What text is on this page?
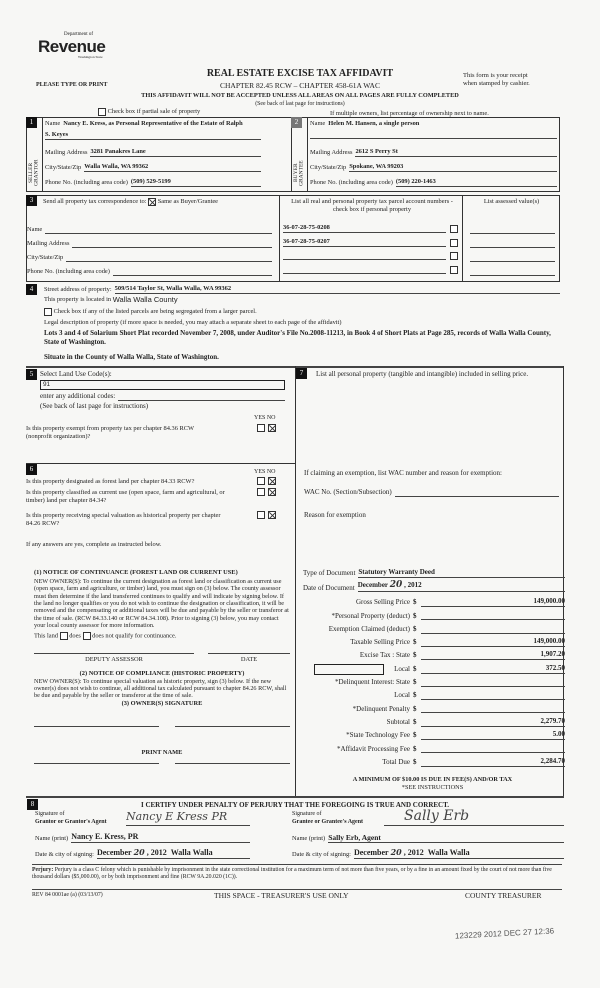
Department of
Revenue
Washington State
PLEASE TYPE OR PRINT
REAL ESTATE EXCISE TAX AFFIDAVIT
CHAPTER 82.45 RCW – CHAPTER 458-61A WAC
This form is your receipt
when stamped by cashier.
THIS AFFIDAVIT WILL NOT BE ACCEPTED UNLESS ALL AREAS ON ALL PAGES ARE FULLY COMPLETED
(See back of last page for instructions)

Check box if partial sale of property	If multiple owners, list percentage of ownership next to name.
1
SELLER GRANTOR
Name Nancy E. Kress, as Personal Representative of the Estate of Ralph
S. Keyes
Mailing Address 3281 Panakres Lane
City/State/Zip Walla Walla, WA 99362
Phone No. (including area code) (509) 529-5199
2
BUYER GRANTEE
Name Helen M. Hansen, a single person
Mailing Address 2612 S Perry St
City/State/Zip Spokane, WA 99203
Phone No. (including area code) (509) 220-1463
3	Send all property tax correspondence to:

Same as Buyer/Grantee
Name
Mailing Address
City/State/Zip
Phone No. (including area code)
List all real and personal property tax parcel account numbers - check box if personal property
List assessed value(s)
36-07-28-75-0208
36-07-28-75-0207
4	Street address of property: 509/514 Taylor St, Walla Walla, WA 99362
This property is located in
Walla Walla County

Check box if any of the listed parcels are being segregated from a larger parcel.
Legal description of property (if more space is needed, you may attach a separate sheet to each page of the affidavit)
Lots 3 and 4 of Solarium Short Plat recorded November 7, 2008, under Auditor's File No.2008-11213, in Book 4 of Short Plats at Page 285, records of Walla Walla County, State of Washington.
Situate in the County of Walla Walla, State of Washington.
5 Select Land Use Code(s):
91
enter any additional codes:
(See back of last page for instructions)
YES NO
Is this property exempt from property tax per chapter 84.36 RCW (nonprofit organization)?

6	YES NO
Is this property designated as forest land per chapter 84.33 RCW?

Is this property classified as current use (open space, farm and agricultural, or timber) land per chapter 84.34?

Is this property receiving special valuation as historical property per chapter 84.26 RCW?

If any answers are yes, complete as instructed below.
(1) NOTICE OF CONTINUANCE (FOREST LAND OR CURRENT USE)
NEW OWNER(S): To continue the current designation as forest land or classification as current use (open space, farm and agriculture, or timber) land, you must sign on (3) below. The county assessor must then determine if the land transferred continues to qualify and will indicate by signing below. If the land no longer qualifies or you do not wish to continue the designation or classification, it will be removed and the compensating or additional taxes will be due and payable by the seller or transferor at the time of sale. (RCW 84.33.140 or RCW 84.34.108). Prior to signing (3) below, you may contact your local county assessor for more information.
This land does does not qualify for continuance.
DEPUTY ASSESSOR	DATE
(2) NOTICE OF COMPLIANCE (HISTORIC PROPERTY)
NEW OWNER(S): To continue special valuation as historic property, sign (3) below. If the new owner(s) does not wish to continue, all additional tax calculated pursuant to chapter 84.26 RCW, shall be due and payable by the seller or transferor at the time of sale.
(3) OWNER(S) SIGNATURE
PRINT NAME
7	List all personal property (tangible and intangible) included in selling price.
If claiming an exemption, list WAC number and reason for exemption:
WAC No. (Section/Subsection)
Reason for exemption
Type of Document Statutory Warranty Deed
Date of Document December 20 , 2012
Gross Selling Price $	149,000.00
*Personal Property (deduct) $
Exemption Claimed (deduct) $
Taxable Selling Price $	149,000.00
Excise Tax : State $	1,907.20
Local $	372.50
*Delinquent Interest: State $
Local $
*Delinquent Penalty $
Subtotal $	2,279.70
*State Technology Fee $	5.00
*Affidavit Processing Fee $
Total Due $	2,284.70
A MINIMUM OF $10.00 IS DUE IN FEE(S) AND/OR TAX
*SEE INSTRUCTIONS
8	I CERTIFY UNDER PENALTY OF PERJURY THAT THE FOREGOING IS TRUE AND CORRECT.
Signature of
Grantor or Grantor's Agent Nancy E Kress PR	Signature of
Grantee or Grantee's Agent	Sally Erb
Name (print) Nancy E. Kress, PR	Name (print) Sally Erb, Agent
Date & city of signing: December 20 , 2012 Walla Walla	Date & city of signing: December 20 , 2012 Walla Walla
Perjury: Perjury is a class C felony which is punishable by imprisonment in the state correctional institution for a maximum term of not more than five years, or by a fine in an amount fixed by the court of not more than five thousand dollars ($5,000.00), or by both imprisonment and fine (RCW 9A.20.020 (1C)).
REV 84 0001ae (a) (03/13/07)	THIS SPACE - TREASURER'S USE ONLY	COUNTY TREASURER
123229 2012 DEC 27 12:36
